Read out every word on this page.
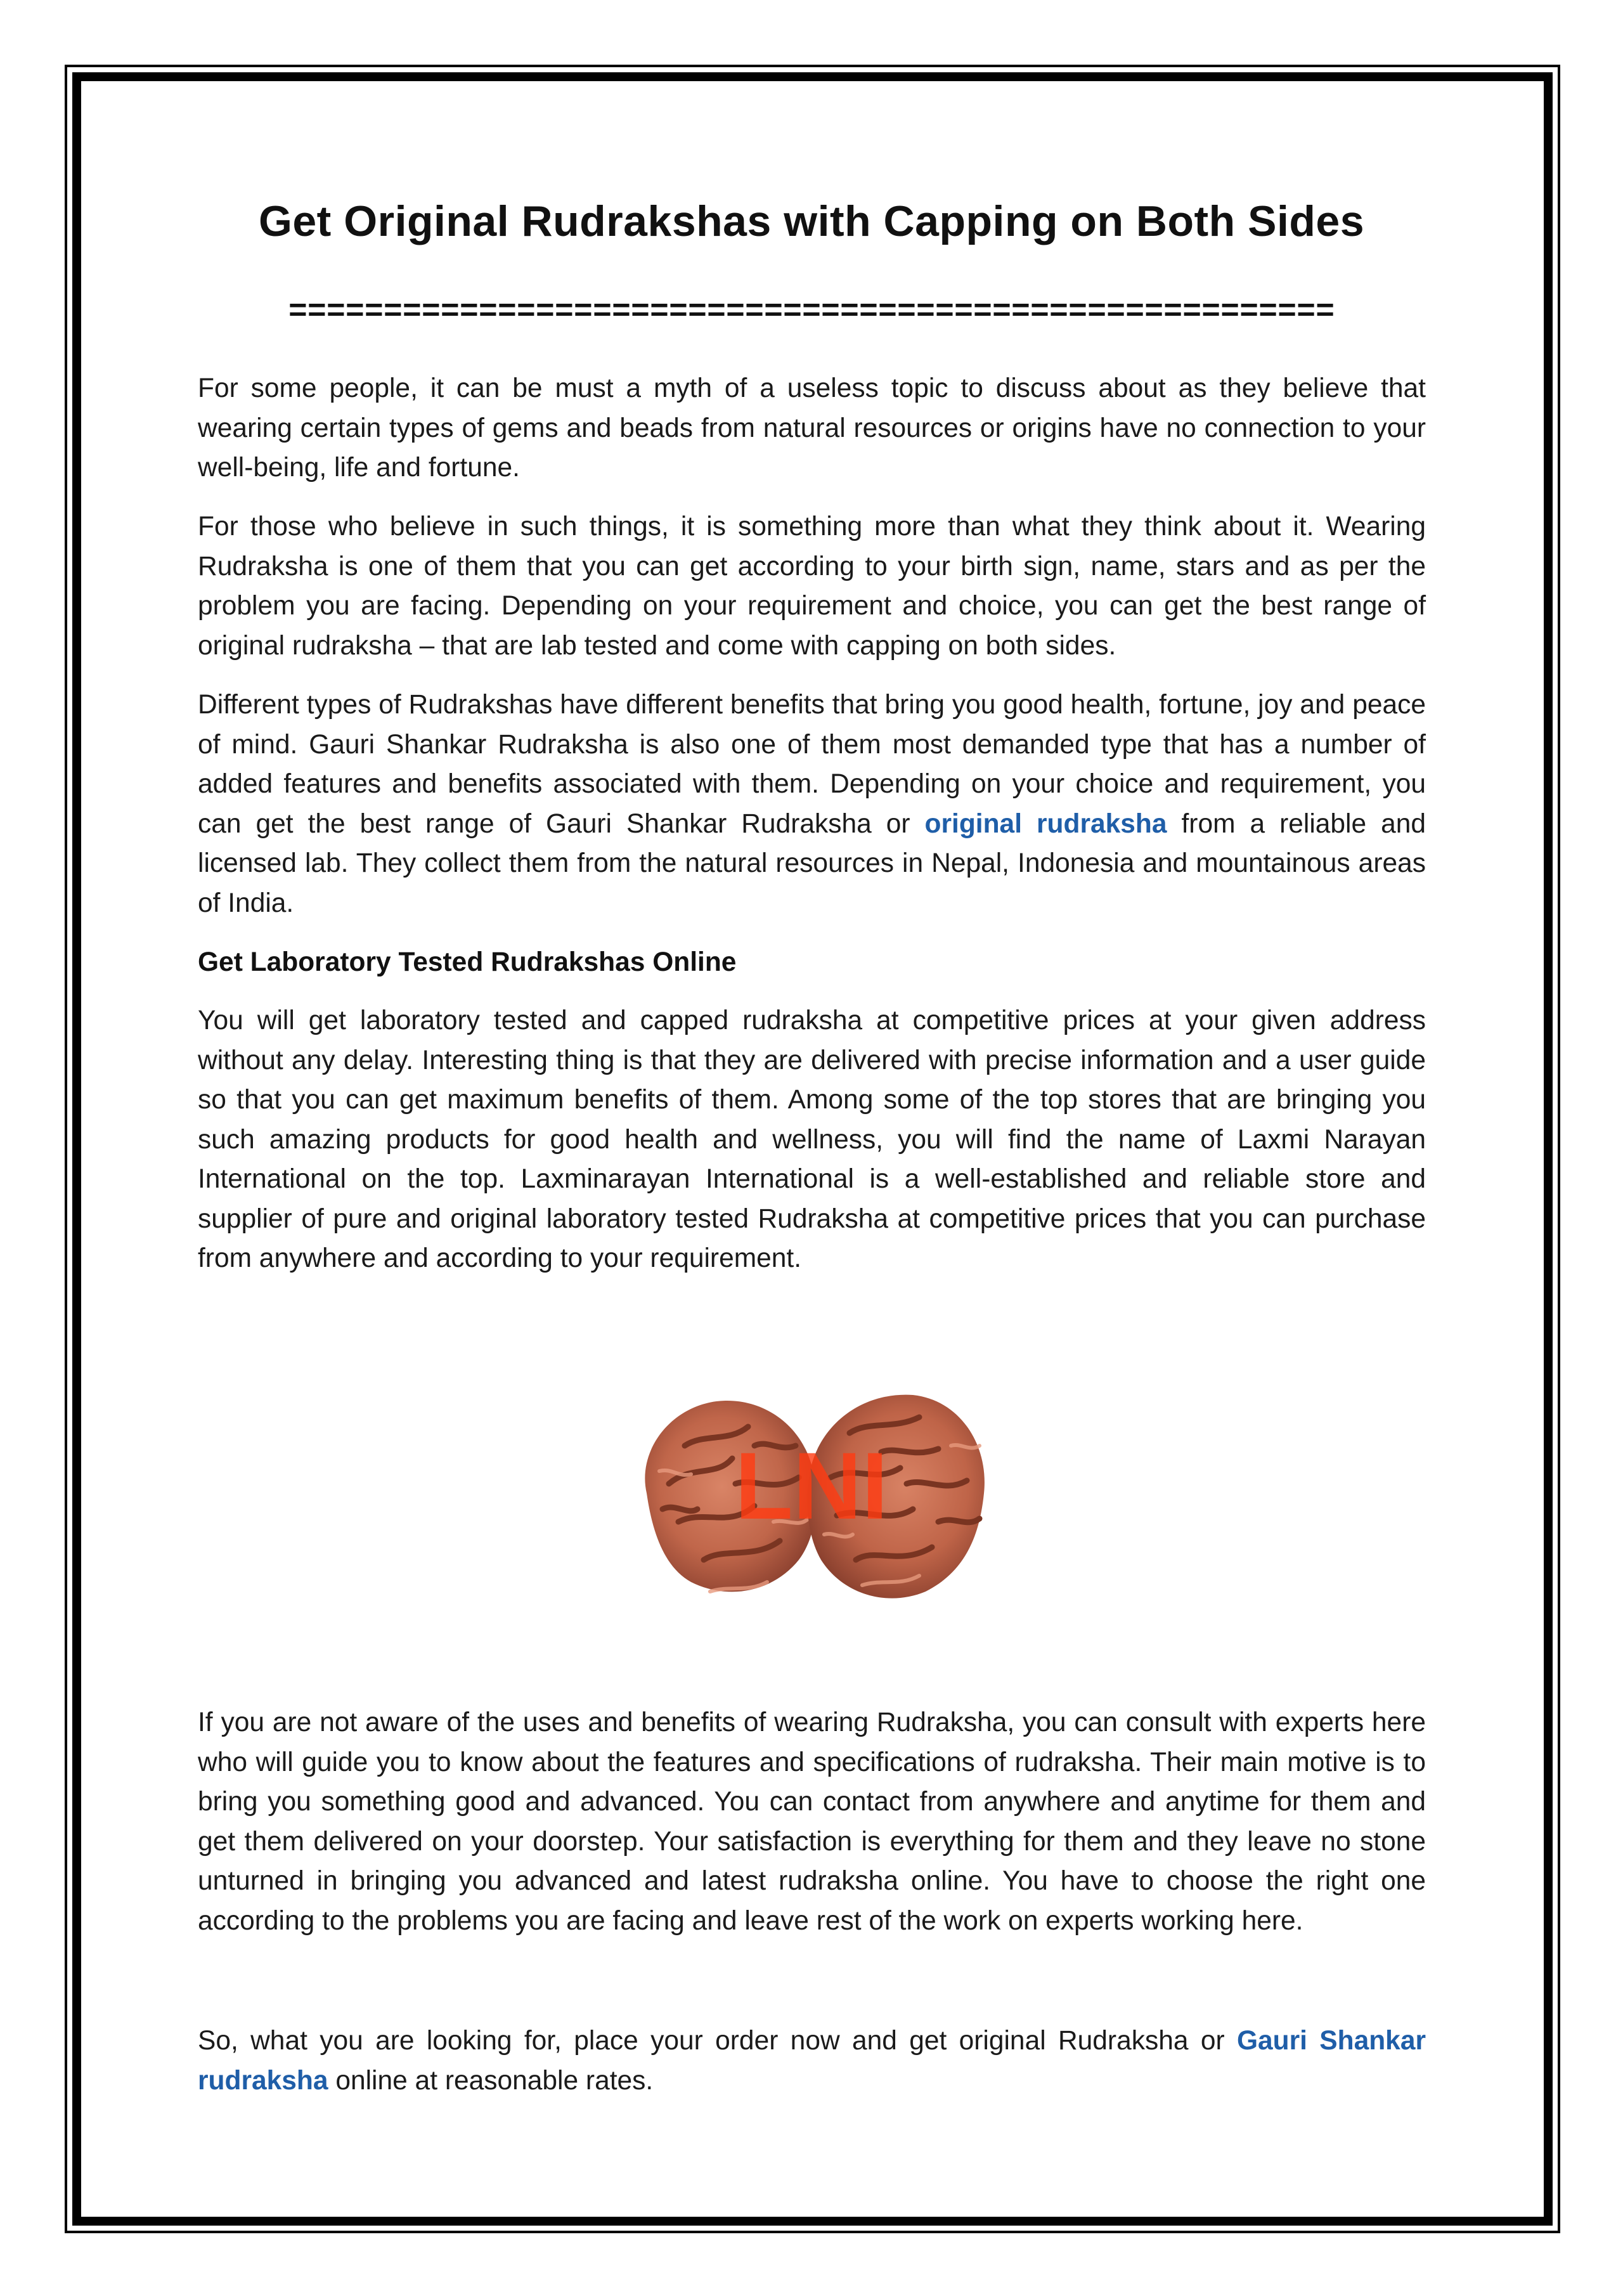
Get Original Rudrakshas with Capping on Both Sides
=======================================================

For some people, it can be must a myth of a useless topic to discuss about as they believe that wearing certain types of gems and beads from natural resources or origins have no connection to your well-being, life and fortune.

For those who believe in such things, it is something more than what they think about it. Wearing Rudraksha is one of them that you can get according to your birth sign, name, stars and as per the problem you are facing. Depending on your requirement and choice, you can get the best range of original rudraksha – that are lab tested and come with capping on both sides.

Different types of Rudrakshas have different benefits that bring you good health, fortune, joy and peace of mind. Gauri Shankar Rudraksha is also one of them most demanded type that has a number of added features and benefits associated with them. Depending on your choice and requirement, you can get the best range of Gauri Shankar Rudraksha or original rudraksha from a reliable and licensed lab. They collect them from the natural resources in Nepal, Indonesia and mountainous areas of India.

Get Laboratory Tested Rudrakshas Online

You will get laboratory tested and capped rudraksha at competitive prices at your given address without any delay. Interesting thing is that they are delivered with precise information and a user guide so that you can get maximum benefits of them. Among some of the top stores that are bringing you such amazing products for good health and wellness, you will find the name of Laxmi Narayan International on the top. Laxminarayan International is a well-established and reliable store and supplier of pure and original laboratory tested Rudraksha at competitive prices that you can purchase from anywhere and according to your requirement.

LNI

If you are not aware of the uses and benefits of wearing Rudraksha, you can consult with experts here who will guide you to know about the features and specifications of rudraksha. Their main motive is to bring you something good and advanced. You can contact from anywhere and anytime for them and get them delivered on your doorstep. Your satisfaction is everything for them and they leave no stone unturned in bringing you advanced and latest rudraksha online. You have to choose the right one according to the problems you are facing and leave rest of the work on experts working here.

So, what you are looking for, place your order now and get original Rudraksha or Gauri Shankar rudraksha online at reasonable rates.
